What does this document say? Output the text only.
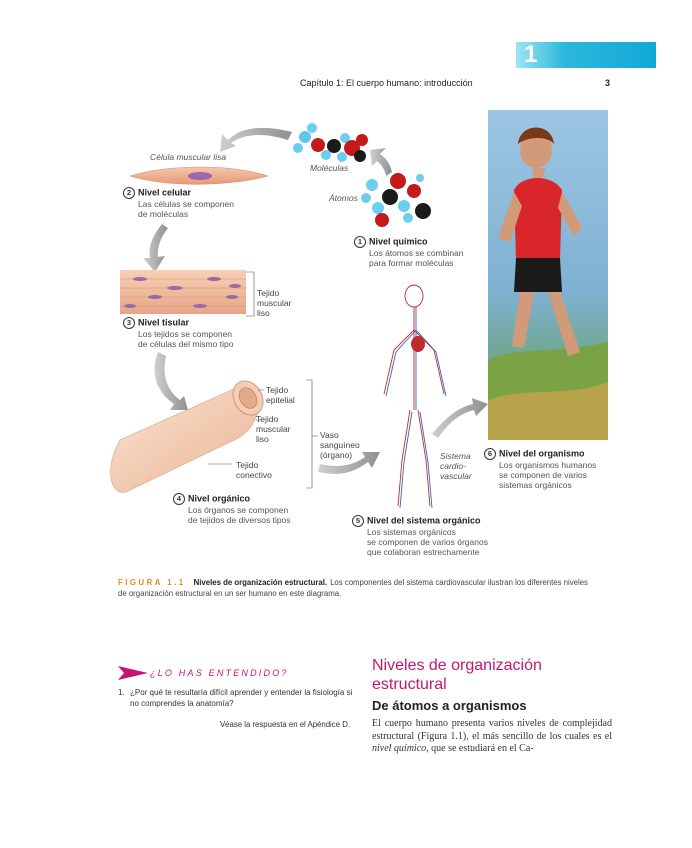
1
Capítulo 1: El cuerpo humano: introducción	3
Célula muscular lisa
Moléculas
Átomos
Tejido
muscular
liso
Tejido
epitelial
Tejido
muscular
liso
Tejido
conectivo
Vaso
sanguíneo
(órgano)	Sistema
cardio-
vascular
1 Nivel químico
Los átomos se combinan
para formar moléculas
2 Nivel celular
Las células se componen
de moléculas
3 Nivel tisular
Los tejidos se componen
de células del mismo tipo
4 Nivel orgánico
Los órganos se componen
de tejidos de diversos tipos	5 Nivel del sistema orgánico
Los sistemas orgánicos
se componen de varios órganos
que colaboran estrechamente
6 Nivel del organismo
Los organismos humanos
se componen de varios
sistemas orgánicos
FIGURA 1.1 Niveles de organización estructural. Los componentes del sistema cardiovascular ilustran los diferentes niveles de organización estructural en un ser humano en este diagrama.
¿LO HAS ENTENDIDO?
1. ¿Por qué te resultaría difícil aprender y entender la fisiología si no comprendes la anatomía?
Véase la respuesta en el Apéndice D.
Niveles de organización
estructural
De átomos a organismos
El cuerpo humano presenta varios niveles de complejidad estructural (Figura 1.1), el más sencillo de los cuales es el nivel químico, que se estudiará en el Ca-
